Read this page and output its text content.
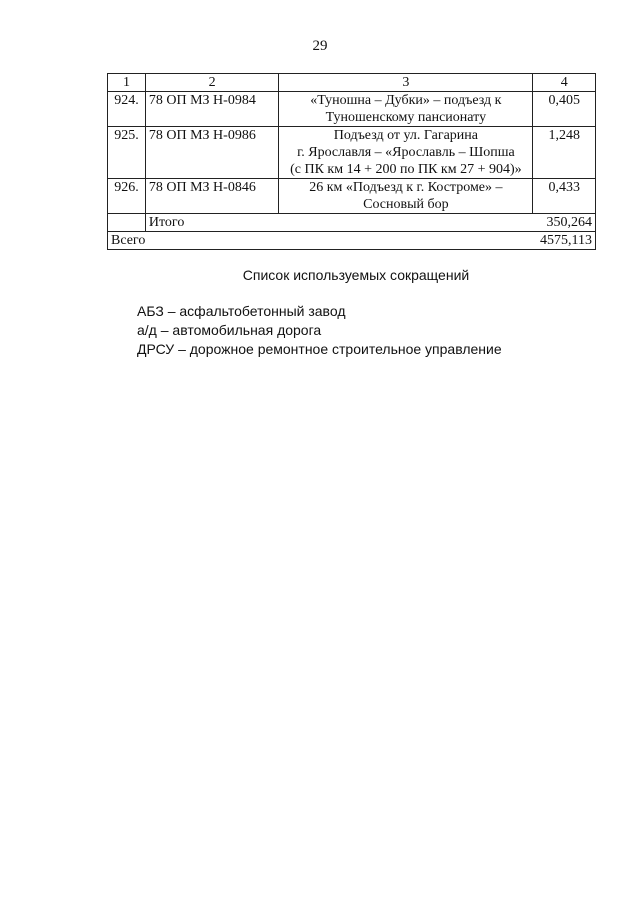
29
1	2	3	4
924.	78 ОП МЗ Н-0984	«Туношна – Дубки» – подъезд к
Туношенскому пансионату	0,405
925.	78 ОП МЗ Н-0986	Подъезд от ул. Гагарина
г. Ярославля – «Ярославль – Шопша
(с ПК км 14 + 200 по ПК км 27 + 904)»	1,248
926.	78 ОП МЗ Н-0846	26 км «Подъезд к г. Костроме» –
Сосновый бор	0,433
	Итого	350,264	
Всего		4575,113	
Список используемых сокращений
АБЗ – асфальтобетонный завод
а/д – автомобильная дорога
ДРСУ – дорожное ремонтное строительное управление
